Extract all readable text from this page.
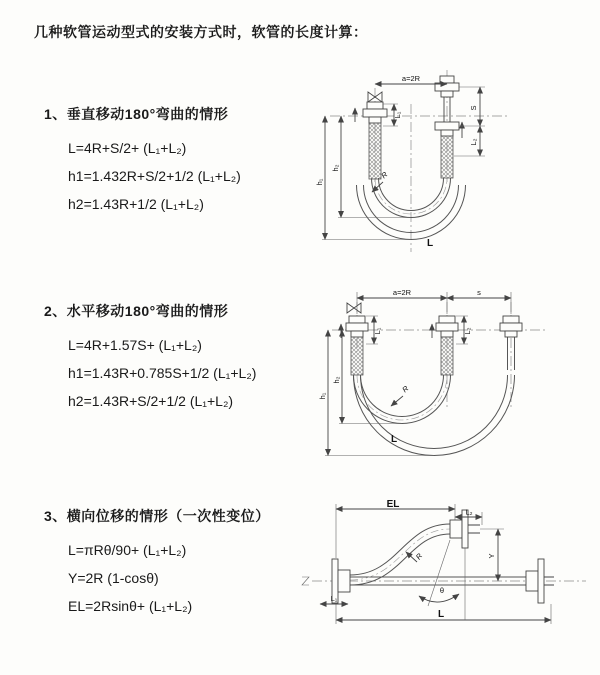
几种软管运动型式的安装方式时，软管的长度计算：
1、垂直移动180°弯曲的情形
L=4R+S/2+ (L₁+L₂)
h1=1.432R+S/2+1/2 (L₁+L₂)
h2=1.43R+1/2 (L₁+L₂)
a=2R
h₁
h₂
S
L₂
L₁
R
L
2、水平移动180°弯曲的情形
L=4R+1.57S+ (L₁+L₂)
h1=1.43R+0.785S+1/2 (L₁+L₂)
h2=1.43R+S/2+1/2 (L₁+L₂)
a=2R	s
h₁
h₂
L₁	L₂
R
L
3、横向位移的情形（一次性变位）
L=πRθ/90+ (L₁+L₂)
Y=2R (1-cosθ)
EL=2Rsinθ+ (L₁+L₂)
EL
L₂
Y
L
L₁
R
θ
